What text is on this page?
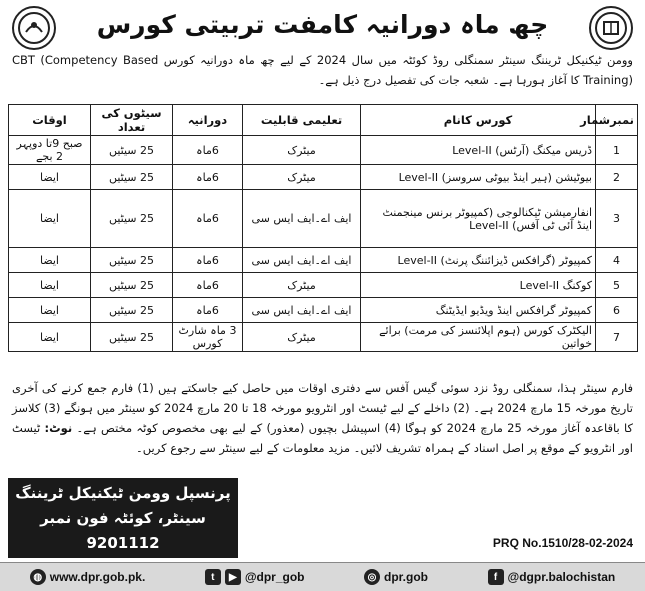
چھ ماہ دورانیہ کامفت تربیتی کورس
وومن ٹیکنیکل ٹریننگ سینٹر سمنگلی روڈ کوئٹہ میں سال 2024 کے لیے چھ ماہ دورانیہ کورس CBT (Competency Based Training) کا آغاز ہورہا ہے۔ شعبہ جات کی تفصیل درج ذیل ہے۔
نمبرشمار	کورس کانام	تعلیمی قابلیت	دورانیہ	سیٹوں کی تعداد	اوقات
1	ڈریس میکنگ (آرٹس) Level-II	میٹرک	6ماہ	25 سیٹیں	صبح 9تا دوپہر 2 بجے
2	بیوٹیشن (ہیر اینڈ بیوٹی سروسز) Level-II	میٹرک	6ماہ	25 سیٹیں	ایضا
3	انفارمیشن ٹیکنالوجی (کمپیوٹر برنس مینجمنٹ اینڈ آئی ٹی آفس) Level-II	ایف اے۔ایف ایس سی	6ماہ	25 سیٹیں	ایضا
4	کمپیوٹر (گرافکس ڈیزائننگ پرنٹ) Level-II	ایف اے۔ایف ایس سی	6ماہ	25 سیٹیں	ایضا
5	کوکنگ Level-II	میٹرک	6ماہ	25 سیٹیں	ایضا
6	کمپیوٹر گرافکس اینڈ ویڈیو ایڈیٹنگ	ایف اے۔ایف ایس سی	6ماہ	25 سیٹیں	ایضا
7	الیکٹرک کورس (ہوم اپلائنسز کی مرمت) برائے خواتین	میٹرک	3 ماہ شارٹ کورس	25 سیٹیں	ایضا
فارم سینٹر ہذا، سمنگلی روڈ نزد سوئی گیس آفس سے دفتری اوقات میں حاصل کیے جاسکتے ہیں (1) فارم جمع کرنے کی آخری تاریخ مورخہ 15 مارچ 2024 ہے۔ (2) داخلے کے لیے ٹیسٹ اور انٹرویو مورخہ 18 تا 20 مارچ 2024 کو سینٹر میں ہونگے (3) کلاسز کا باقاعدہ آغاز مورخہ 25 مارچ 2024 کو ہوگا (4) اسپیشل بچیوں (معذور) کے لیے بھی مخصوص کوٹہ مختص ہے۔ نوٹ: ٹیسٹ اور انٹرویو کے موقع پر اصل اسناد کے ہمراہ تشریف لائیں۔ مزید معلومات کے لیے سینٹر سے رجوع کریں۔
پرنسپل وومن ٹیکنیکل ٹریننگ
سینٹر، کوئٹہ فون نمبر
9201112	PRQ No.1510/28-02-2024
◍ www.dpr.gob.pk.	t	▶ @dpr_gob	◎ dpr.gob	f @dgpr.balochistan
